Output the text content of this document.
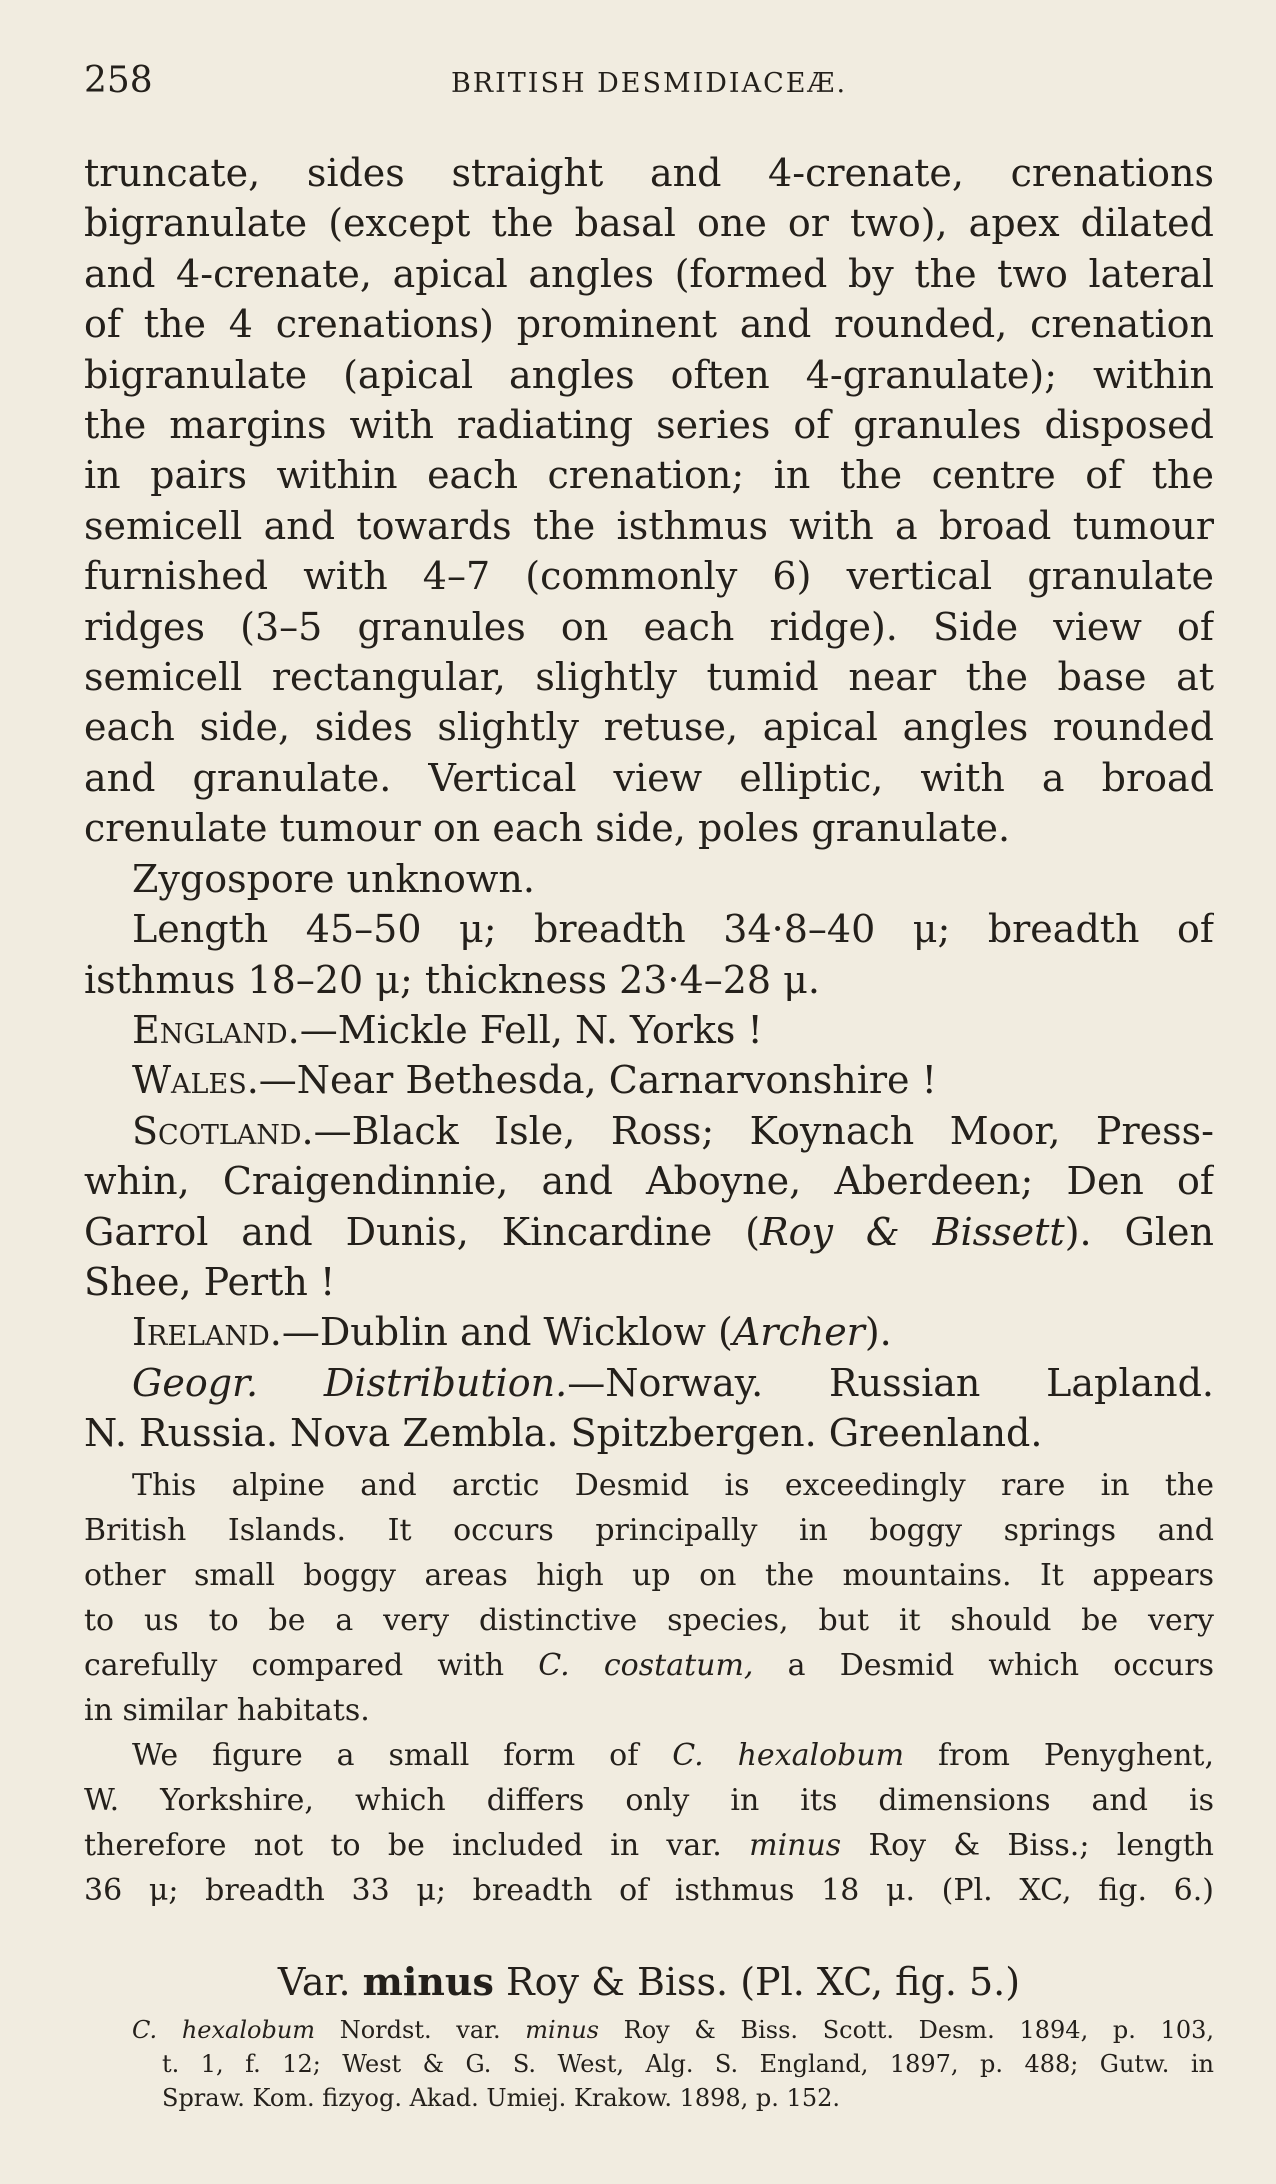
258	BRITISH DESMIDIACEÆ.
truncate, sides straight and 4-crenate, crenations
bigranulate (except the basal one or two), apex dilated
and 4-crenate, apical angles (formed by the two lateral
of the 4 crenations) prominent and rounded, crenation
bigranulate (apical angles often 4-granulate); within
the margins with radiating series of granules disposed
in pairs within each crenation; in the centre of the
semicell and towards the isthmus with a broad tumour
furnished with 4–7 (commonly 6) vertical granulate
ridges (3–5 granules on each ridge). Side view of
semicell rectangular, slightly tumid near the base at
each side, sides slightly retuse, apical angles rounded
and granulate. Vertical view elliptic, with a broad
crenulate tumour on each side, poles granulate.
Zygospore unknown.
Length 45–50 μ; breadth 34·8–40 μ; breadth of
isthmus 18–20 μ; thickness 23·4–28 μ.
England.—Mickle Fell, N. Yorks !
Wales.—Near Bethesda, Carnarvonshire !
Scotland.—Black Isle, Ross; Koynach Moor, Press-
whin, Craigendinnie, and Aboyne, Aberdeen; Den of
Garrol and Dunis, Kincardine (Roy & Bissett). Glen
Shee, Perth !
Ireland.—Dublin and Wicklow (Archer).
Geogr. Distribution.—Norway. Russian Lapland.
N. Russia. Nova Zembla. Spitzbergen. Greenland.
This alpine and arctic Desmid is exceedingly rare in the
British Islands. It occurs principally in boggy springs and
other small boggy areas high up on the mountains. It appears
to us to be a very distinctive species, but it should be very
carefully compared with C. costatum, a Desmid which occurs
in similar habitats.
We figure a small form of C. hexalobum from Penyghent,
W. Yorkshire, which differs only in its dimensions and is
therefore not to be included in var. minus Roy & Biss.; length
36 μ; breadth 33 μ; breadth of isthmus 18 μ. (Pl. XC, fig. 6.)
Var. minus Roy & Biss. (Pl. XC, fig. 5.)
C. hexalobum Nordst. var. minus Roy & Biss. Scott. Desm. 1894, p. 103,
t. 1, f. 12; West & G. S. West, Alg. S. England, 1897, p. 488; Gutw. in
Spraw. Kom. fizyog. Akad. Umiej. Krakow. 1898, p. 152.
